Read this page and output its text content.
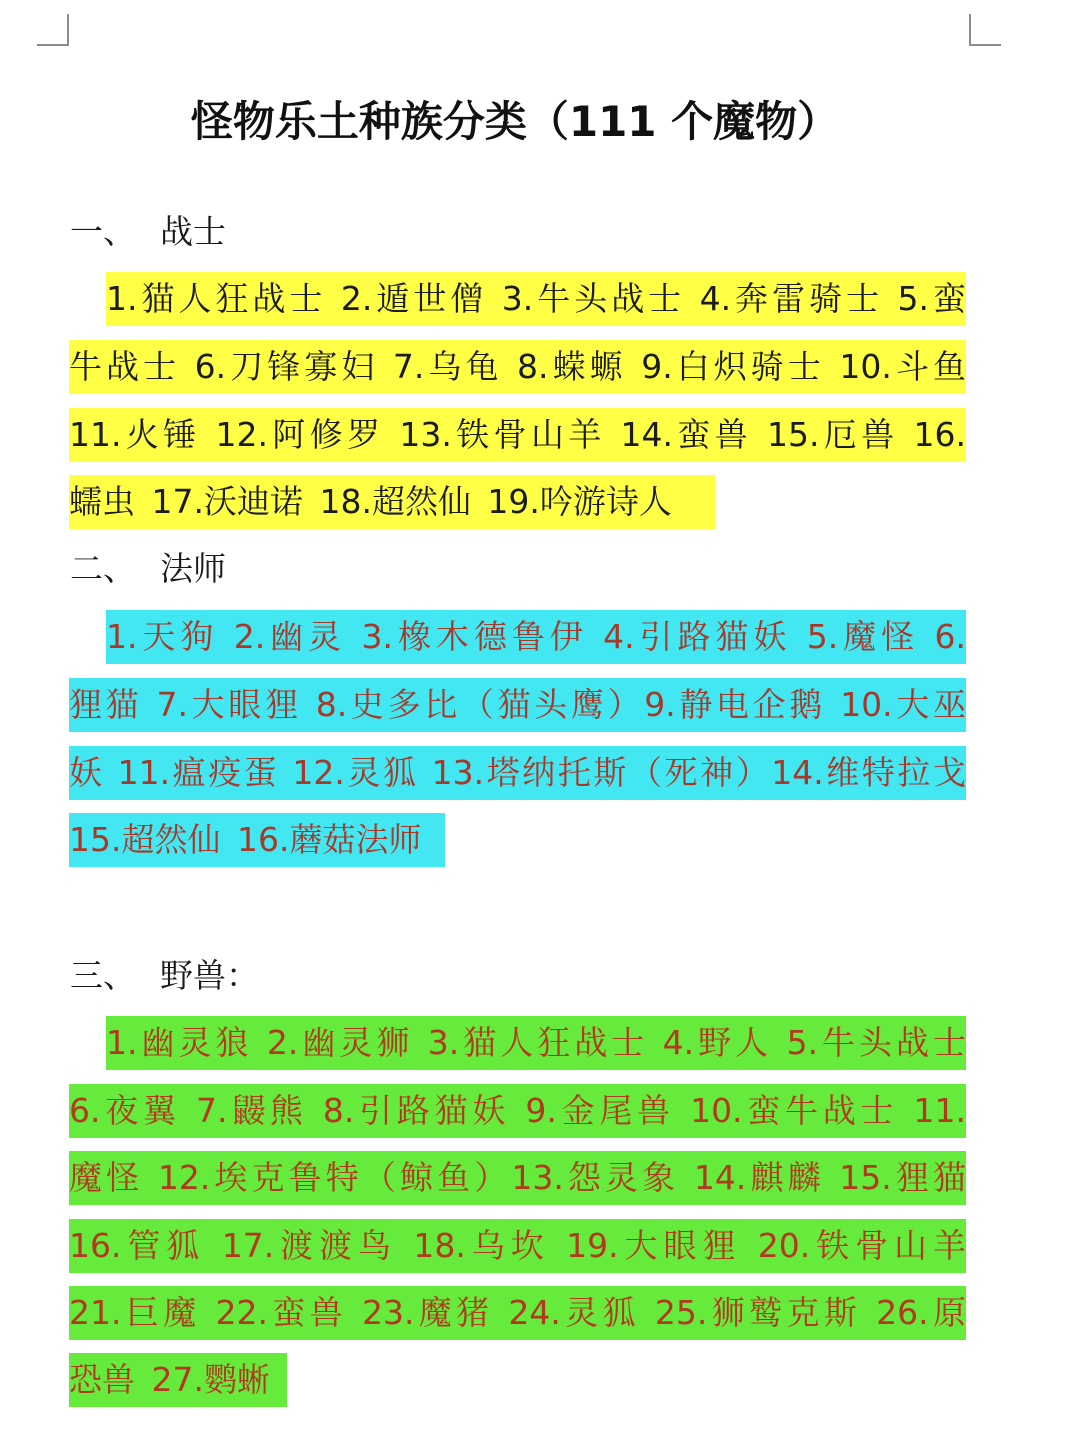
怪物乐土种族分类（111 个魔物）
一、 战士
1.猫人狂战士 2.遁世僧 3.牛头战士 4.奔雷骑士 5.蛮
牛战士 6.刀锋寡妇 7.乌龟 8.蝾螈 9.白炽骑士 10.斗鱼
11.火锤 12.阿修罗 13.铁骨山羊 14.蛮兽 15.厄兽 16.
蠕虫 17.沃迪诺 18.超然仙 19.吟游诗人
二、 法师
1.天狗 2.幽灵 3.橡木德鲁伊 4.引路猫妖 5.魔怪 6.
狸猫 7.大眼狸 8.史多比（猫头鹰）9.静电企鹅 10.大巫
妖 11.瘟疫蛋 12.灵狐 13.塔纳托斯（死神）14.维特拉戈
15.超然仙 16.蘑菇法师
三、 野兽：
1.幽灵狼 2.幽灵狮 3.猫人狂战士 4.野人 5.牛头战士
6.夜翼 7.鼹熊 8.引路猫妖 9.金尾兽 10.蛮牛战士 11.
魔怪 12.埃克鲁特（鲸鱼）13.怨灵象 14.麒麟 15.狸猫
16.管狐 17.渡渡鸟 18.乌坎 19.大眼狸 20.铁骨山羊
21.巨魔 22.蛮兽 23.魔猪 24.灵狐 25.狮鹫克斯 26.原
恐兽 27.鹦蜥
